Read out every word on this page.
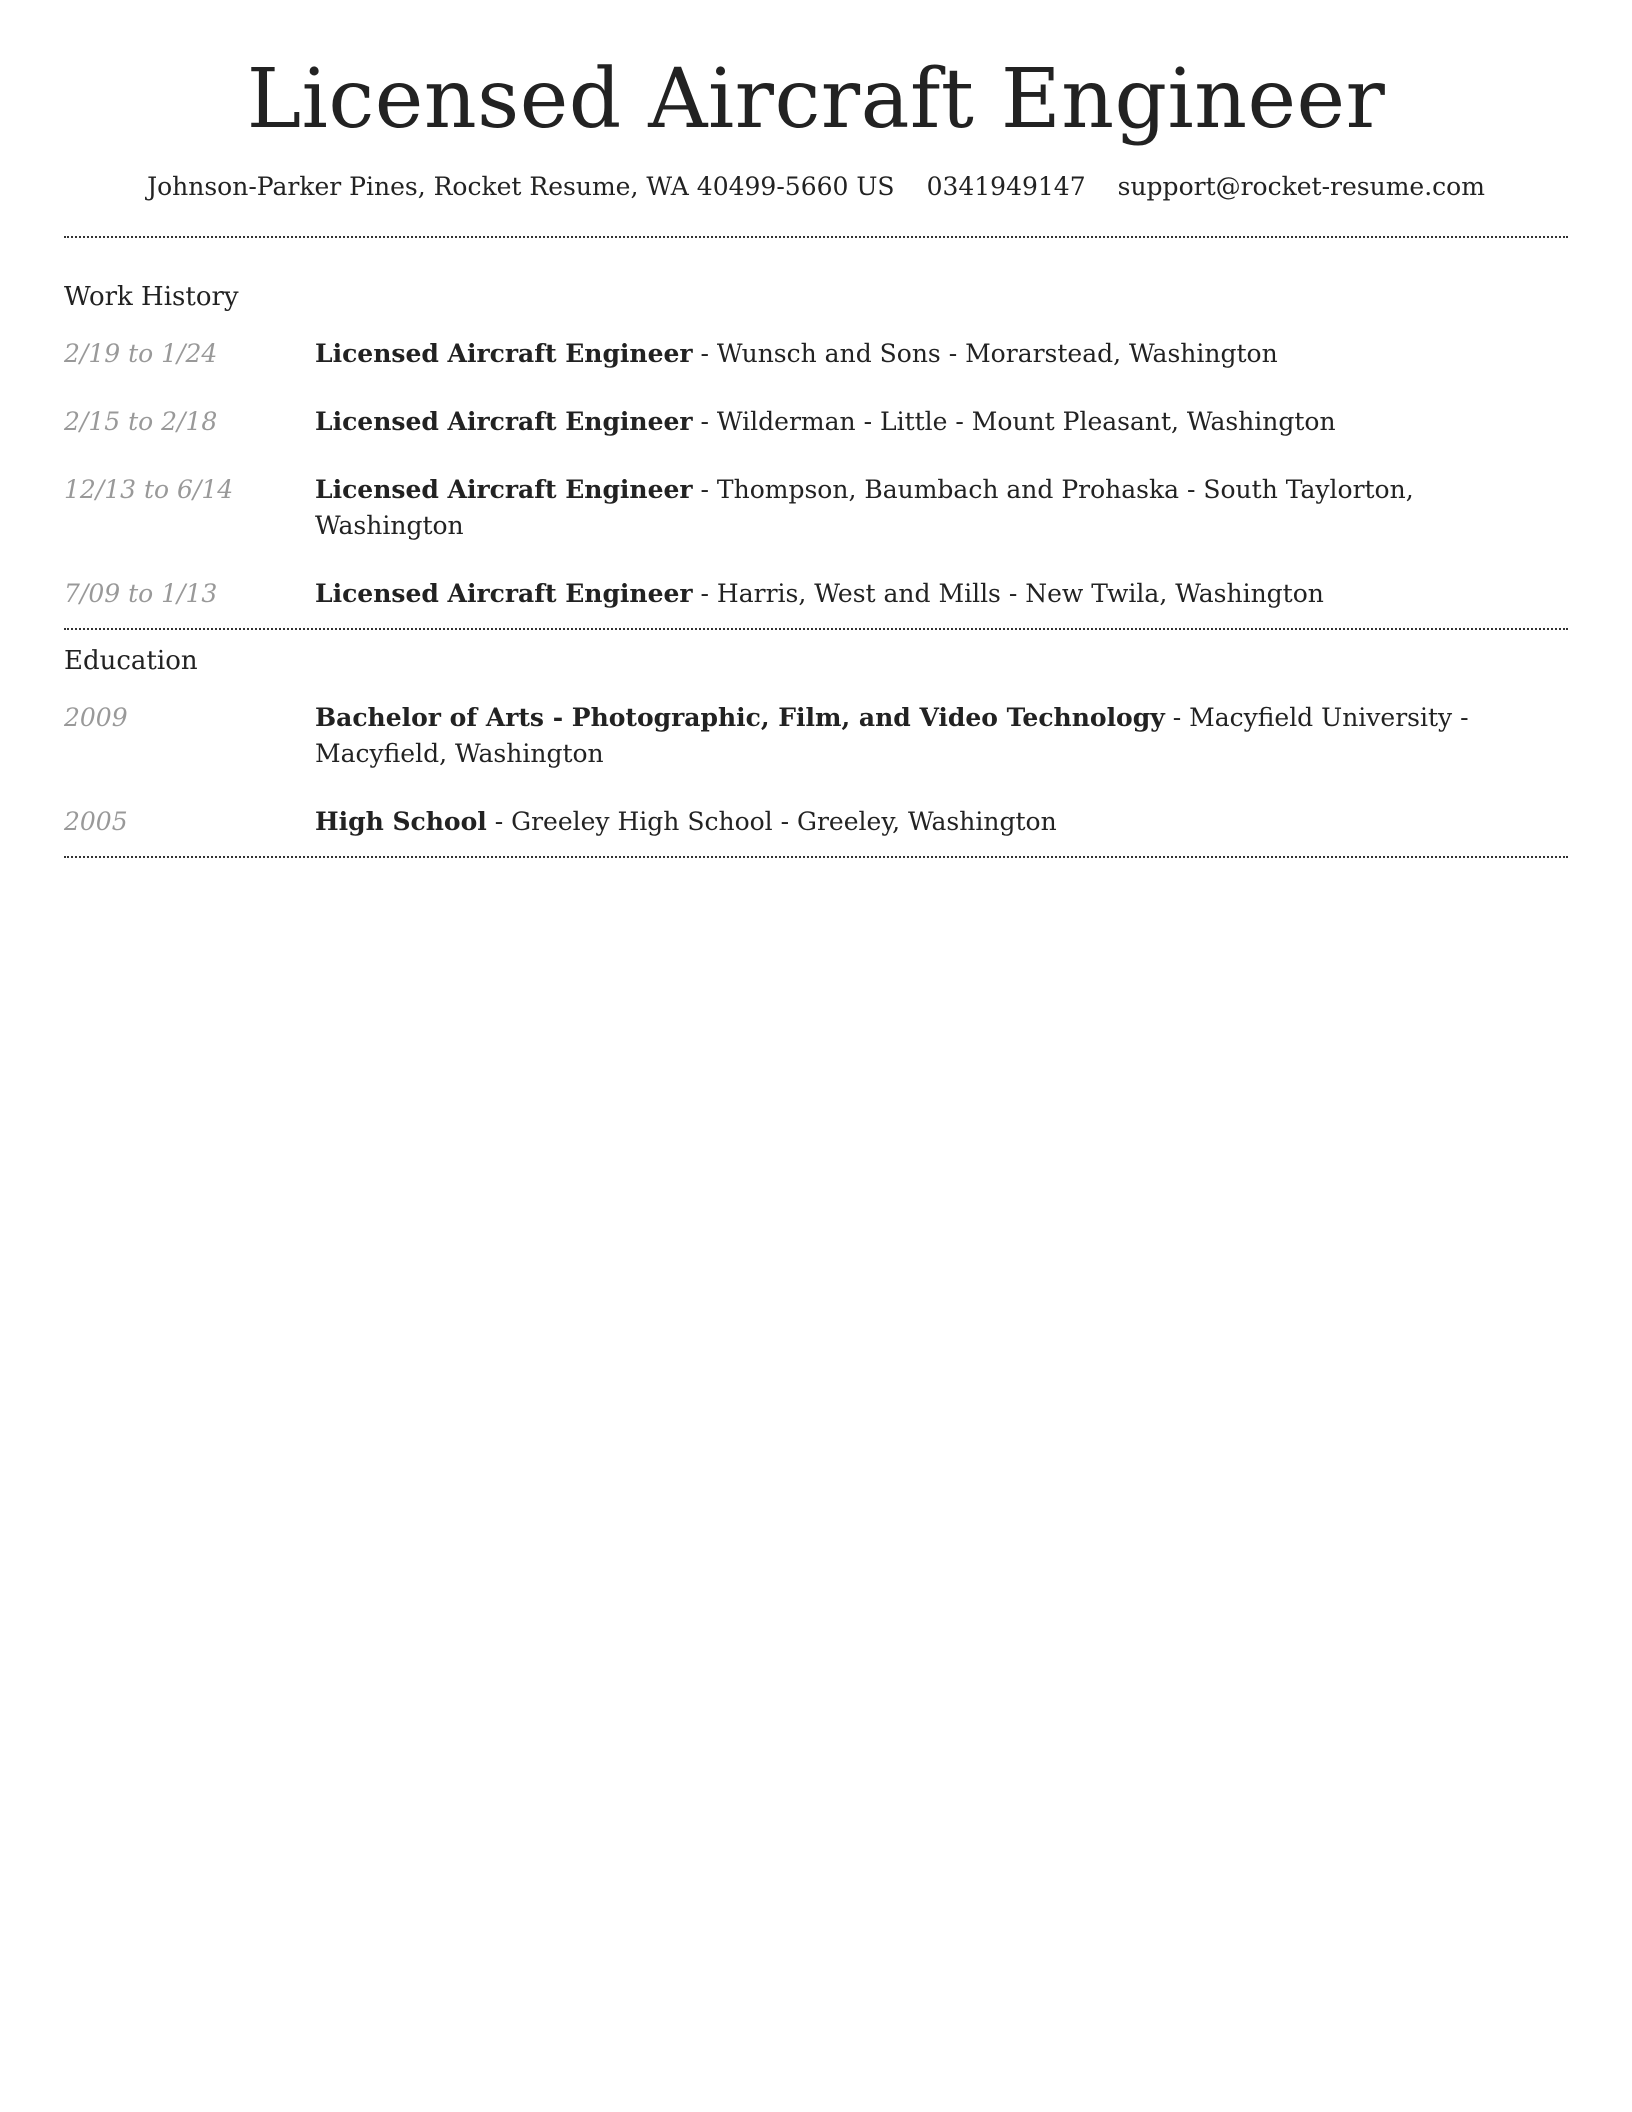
Licensed Aircraft Engineer
Johnson-Parker Pines, Rocket Resume, WA 40499-5660 US 0341949147 support@rocket-resume.com
Work History
2/19 to 1/24	Licensed Aircraft Engineer - Wunsch and Sons - Morarstead, Washington
2/15 to 2/18	Licensed Aircraft Engineer - Wilderman - Little - Mount Pleasant, Washington
12/13 to 6/14	Licensed Aircraft Engineer - Thompson, Baumbach and Prohaska - South Taylorton, Washington
7/09 to 1/13	Licensed Aircraft Engineer - Harris, West and Mills - New Twila, Washington
Education
2009	Bachelor of Arts - Photographic, Film, and Video Technology - Macyfield University - Macyfield, Washington
2005	High School - Greeley High School - Greeley, Washington
